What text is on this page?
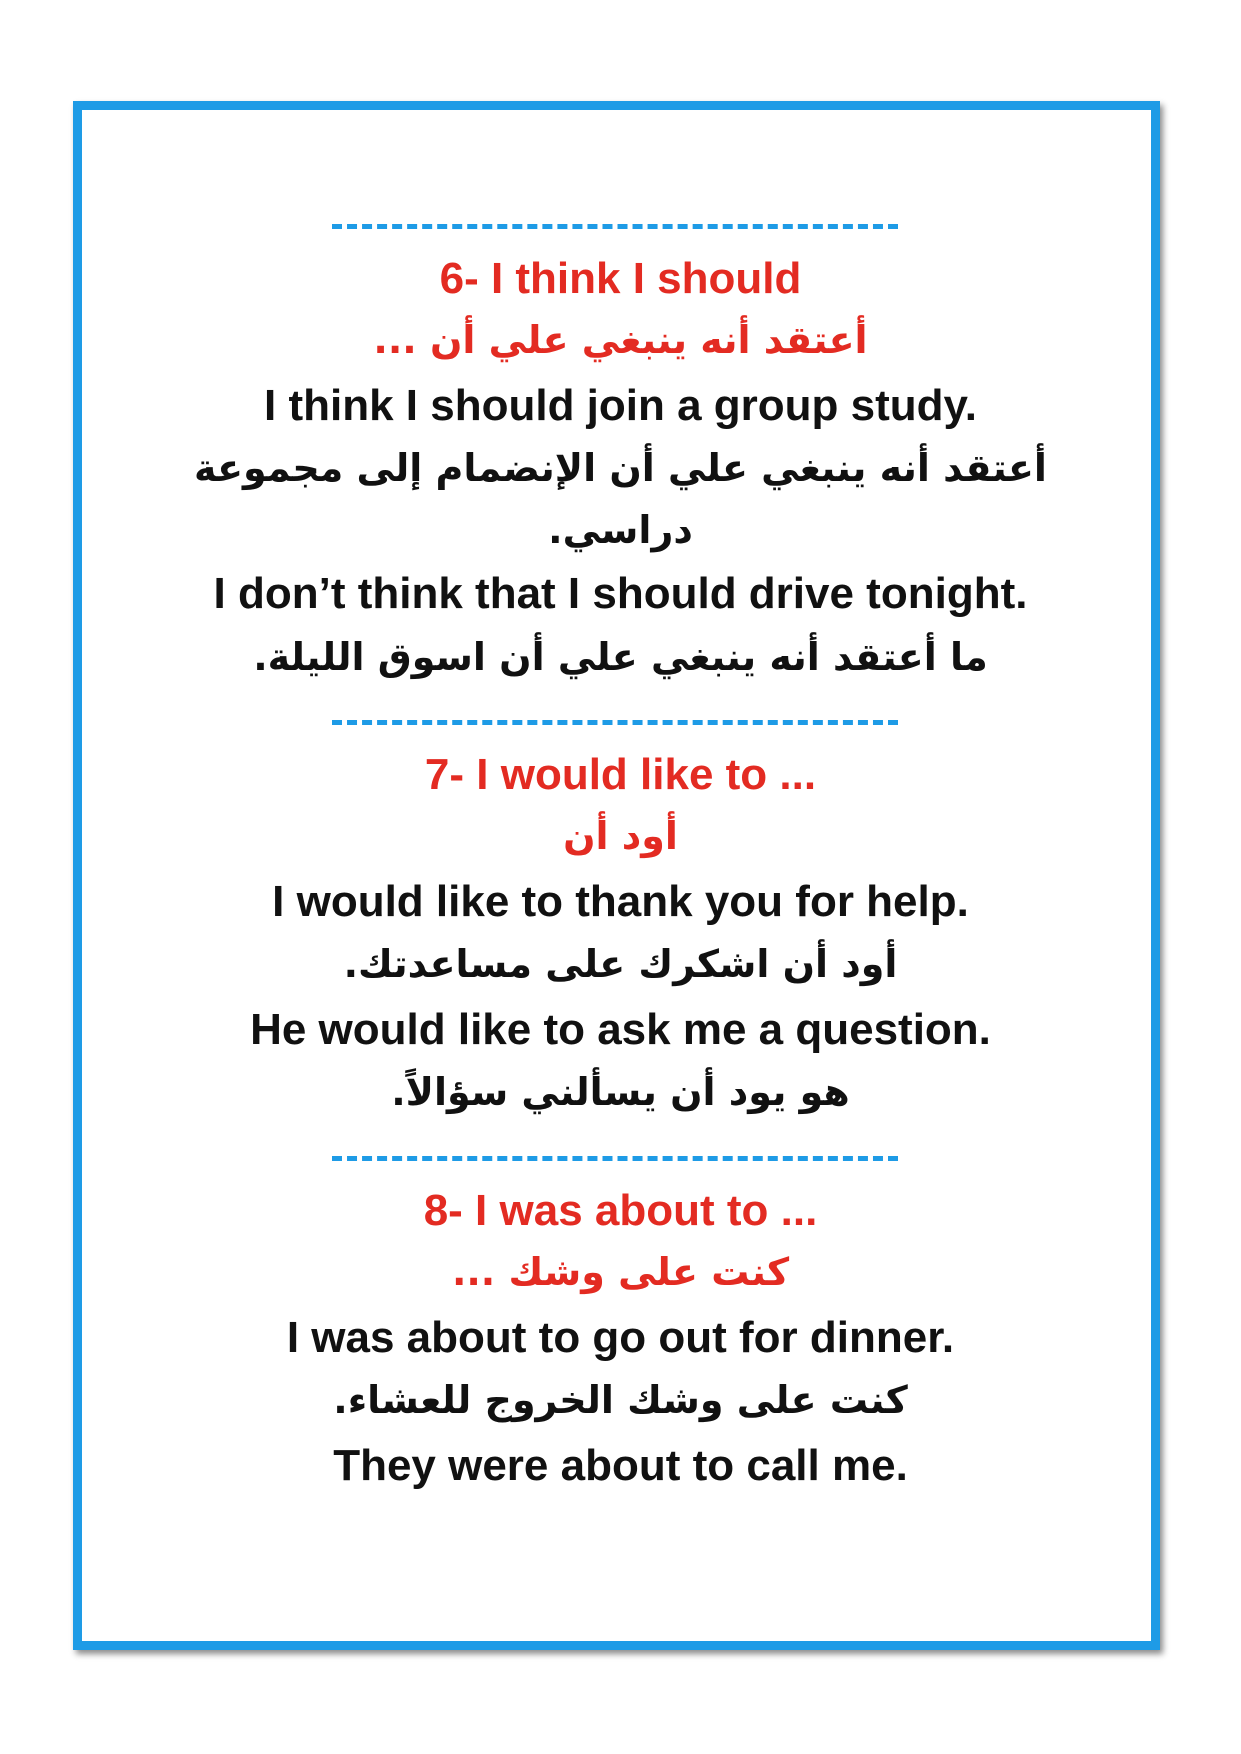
6- I think I should

أعتقد أنه ينبغي علي أن ...

I think I should join a group study.

أعتقد أنه ينبغي علي أن الإنضمام إلى مجموعة

دراسي.

I don’t think that I should drive tonight.

ما أعتقد أنه ينبغي علي أن اسوق الليلة.

7- I would like to ...

أود أن

I would like to thank you for help.

أود أن اشكرك على مساعدتك.

He would like to ask me a question.

هو يود أن يسألني سؤالاً.

8- I was about to ...

كنت على وشك ...

I was about to go out for dinner.

كنت على وشك الخروج للعشاء.

They were about to call me.
